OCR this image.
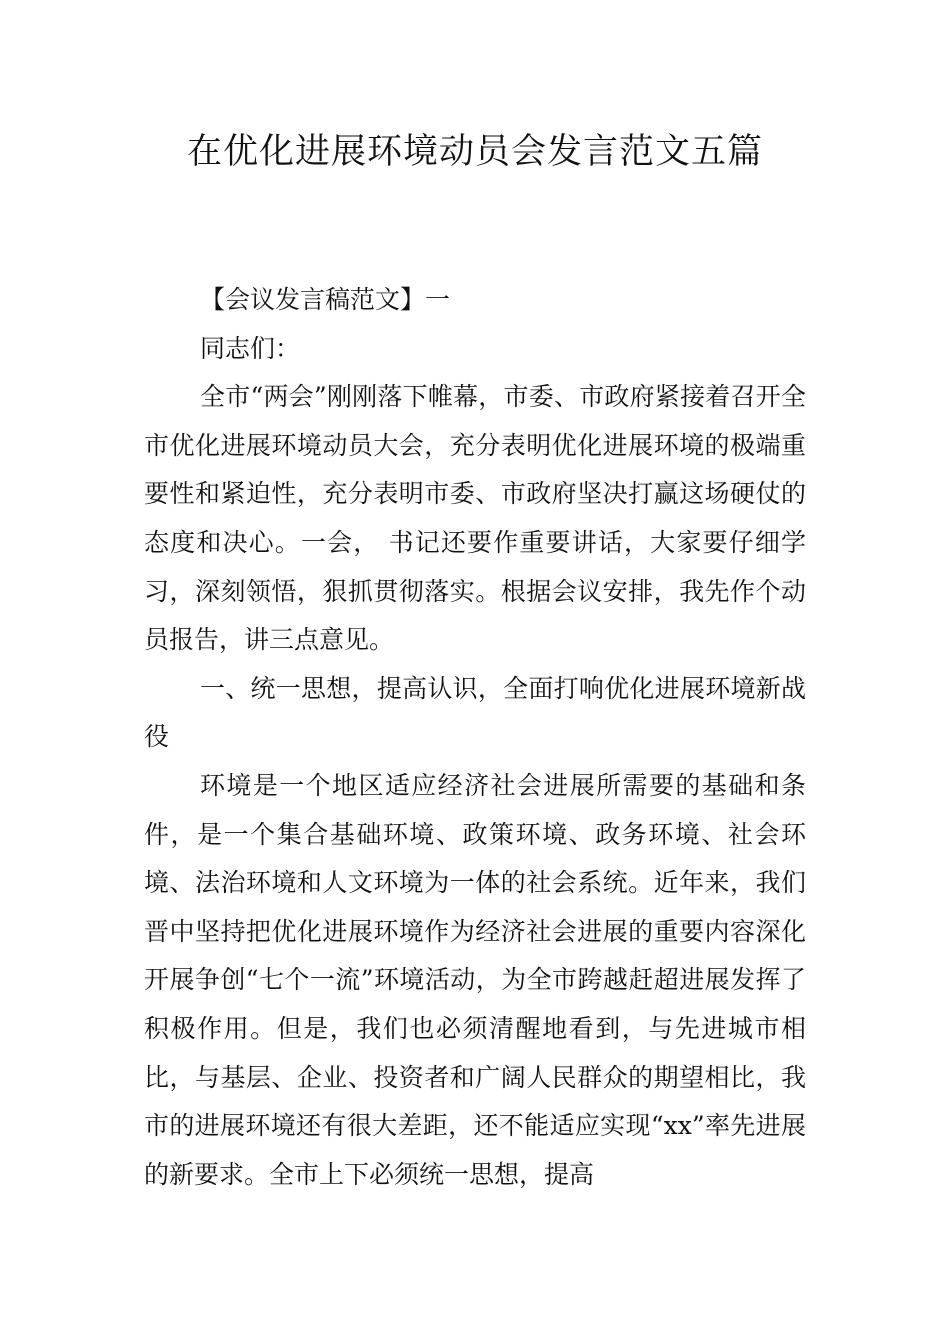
在优化进展环境动员会发言范文五篇

【会议发言稿范文】一

同志们：

全市“两会”刚刚落下帷幕，市委、市政府紧接着召开全市优化进展环境动员大会，充分表明优化进展环境的极端重要性和紧迫性，充分表明市委、市政府坚决打赢这场硬仗的态度和决心。一会， 书记还要作重要讲话，大家要仔细学习，深刻领悟，狠抓贯彻落实。根据会议安排，我先作个动员报告，讲三点意见。

一、统一思想，提高认识，全面打响优化进展环境新战役

环境是一个地区适应经济社会进展所需要的基础和条件，是一个集合基础环境、政策环境、政务环境、社会环境、法治环境和人文环境为一体的社会系统。近年来，我们晋中坚持把优化进展环境作为经济社会进展的重要内容深化开展争创“七个一流”环境活动，为全市跨越赶超进展发挥了积极作用。但是，我们也必须清醒地看到，与先进城市相比，与基层、企业、投资者和广阔人民群众的期望相比，我市的进展环境还有很大差距，还不能适应实现“xx”率先进展的新要求。全市上下必须统一思想，提高
